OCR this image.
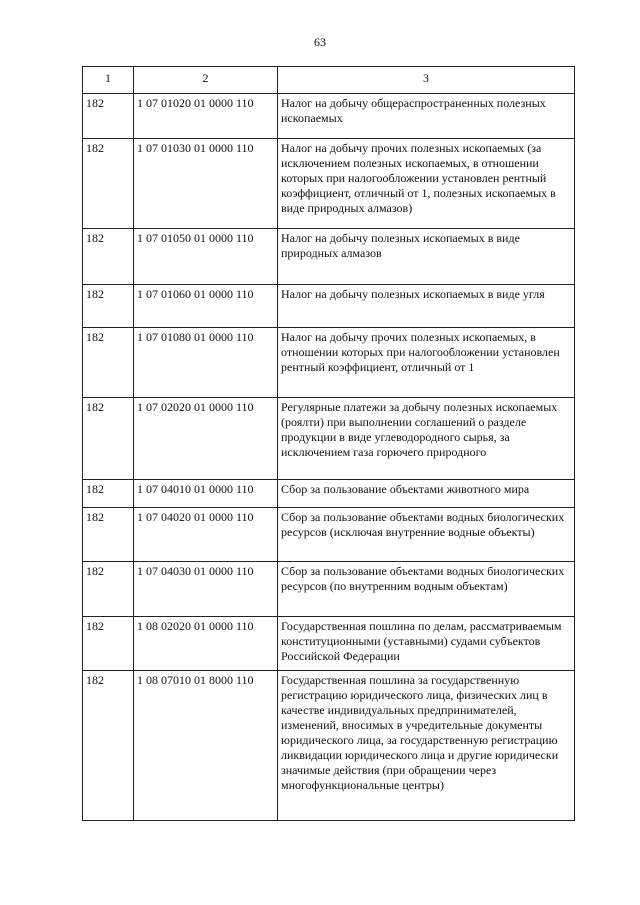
63
1	2	3
182	1 07 01020 01 0000 110	Налог на добычу общераспространенных полезных ископаемых
182	1 07 01030 01 0000 110	Налог на добычу прочих полезных ископаемых (за исключением полезных ископаемых, в отношении которых при налогообложении установлен рентный коэффициент, отличный от 1, полезных ископаемых в виде природных алмазов)
182	1 07 01050 01 0000 110	Налог на добычу полезных ископаемых в виде природных алмазов
182	1 07 01060 01 0000 110	Налог на добычу полезных ископаемых в виде угля
182	1 07 01080 01 0000 110	Налог на добычу прочих полезных ископаемых, в отношении которых при налогообложении установлен рентный коэффициент, отличный от 1
182	1 07 02020 01 0000 110	Регулярные платежи за добычу полезных ископаемых (роялти) при выполнении соглашений о разделе продукции в виде углеводородного сырья, за исключением газа горючего природного
182	1 07 04010 01 0000 110	Сбор за пользование объектами животного мира
182	1 07 04020 01 0000 110	Сбор за пользование объектами водных биологических ресурсов (исключая внутренние водные объекты)
182	1 07 04030 01 0000 110	Сбор за пользование объектами водных биологических ресурсов (по внутренним водным объектам)
182	1 08 02020 01 0000 110	Государственная пошлина по делам, рассматриваемым конституционными (уставными) судами субъектов Российской Федерации
182	1 08 07010 01 8000 110	Государственная пошлина за государственную регистрацию юридического лица, физических лиц в качестве индивидуальных предпринимателей, изменений, вносимых в учредительные документы юридического лица, за государственную регистрацию ликвидации юридического лица и другие юридически значимые действия (при обращении через многофункциональные центры)
